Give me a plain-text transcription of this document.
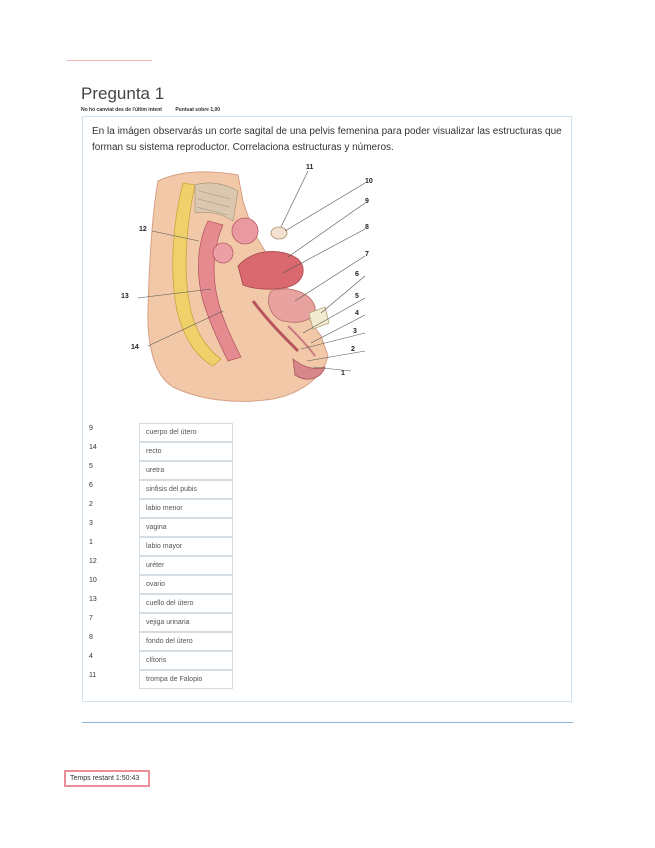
Pregunta 1
No ho canviat des de l'últim intent	Puntuat sobre 1,00

En la imágen observarás un corte sagital de una pelvis femenina para poder visualizar las estructuras que forman su sistema reproductor. Correlaciona estructuras y números.

11
10
9
8
12
7
6
5
13
4
3
2
14
1
9
cuerpo del útero
14
recto
5
uretra
6
sinfisis del pubis
2
labio menor
3
vagina
1
labio mayor
12
uréter
10
ovario
13
cuello del útero
7
vejiga urinaria
8
fondo del útero
4
clítoris
11
trompa de Falopio
Temps restant 1:50:43
